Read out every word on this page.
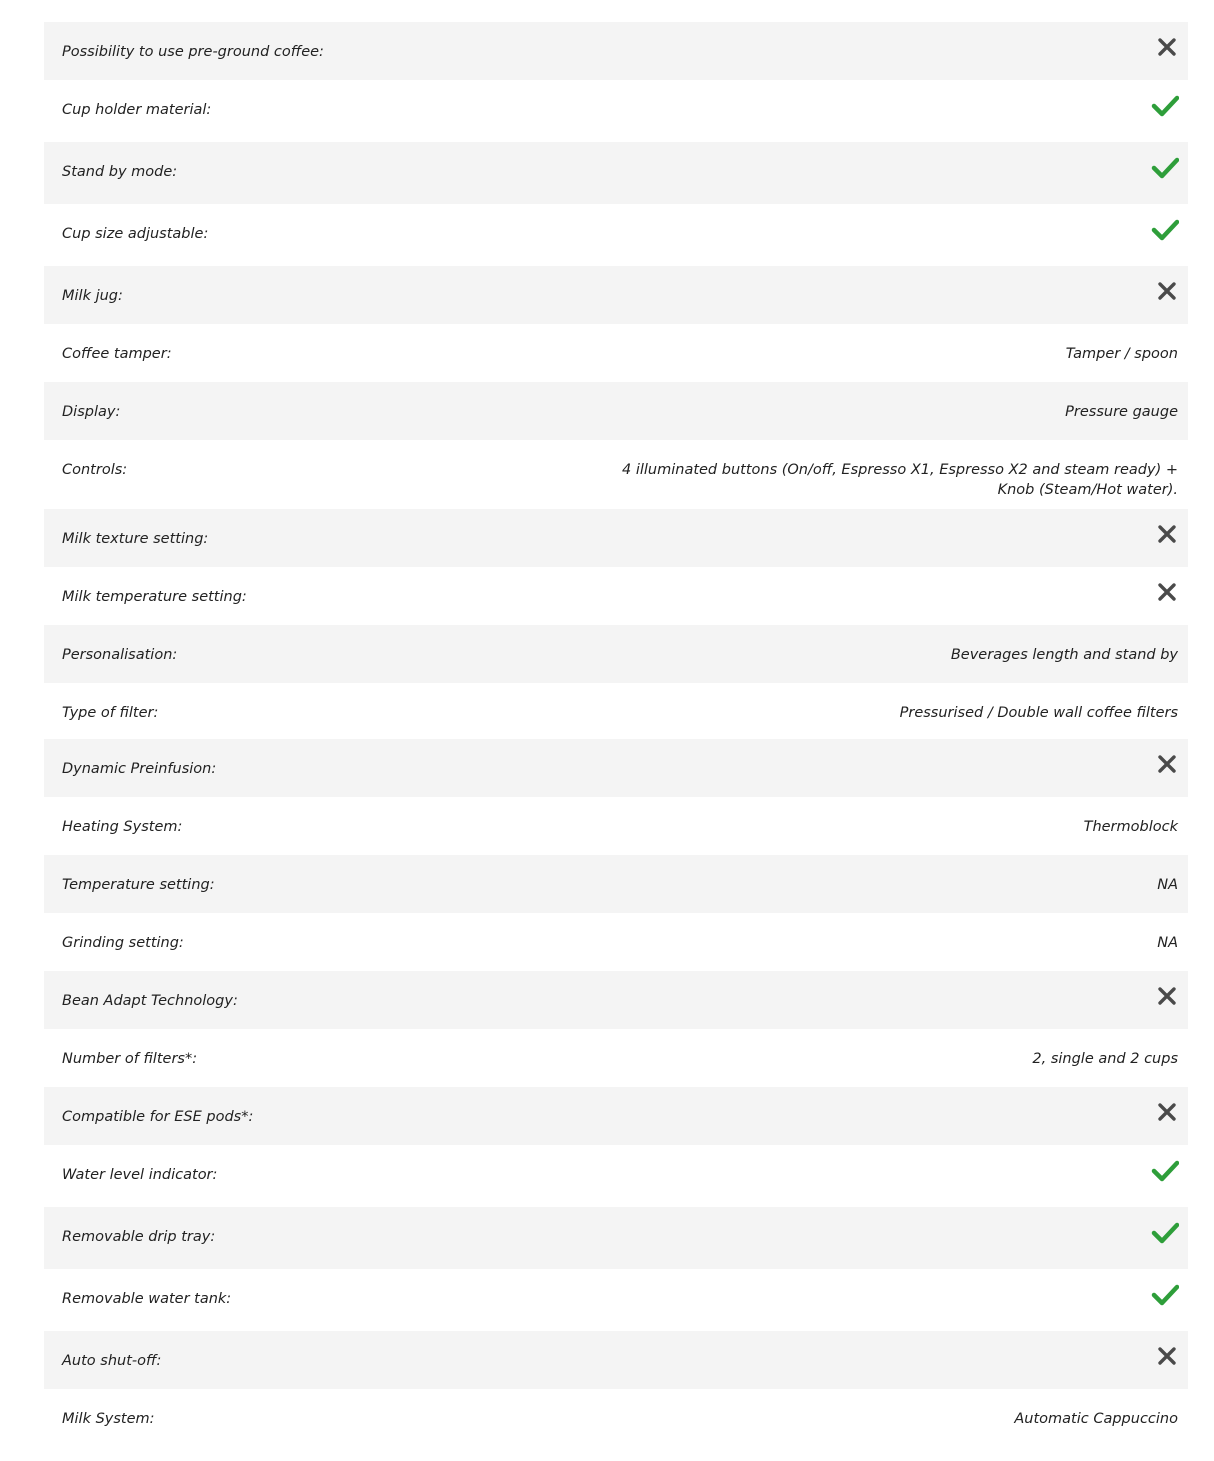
Possibility to use pre-ground coffee:
Cup holder material:
Stand by mode:
Cup size adjustable:
Milk jug:
Coffee tamper:	Tamper / spoon
Display:	Pressure gauge
Controls:	4 illuminated buttons (On/off, Espresso X1, Espresso X2 and steam ready) + Knob (Steam/Hot water).
Milk texture setting:
Milk temperature setting:
Personalisation:	Beverages length and stand by
Type of filter:	Pressurised / Double wall coffee filters
Dynamic Preinfusion:
Heating System:	Thermoblock
Temperature setting:	NA
Grinding setting:	NA
Bean Adapt Technology:
Number of filters*:	2, single and 2 cups
Compatible for ESE pods*:
Water level indicator:
Removable drip tray:
Removable water tank:
Auto shut-off:
Milk System:	Automatic Cappuccino
